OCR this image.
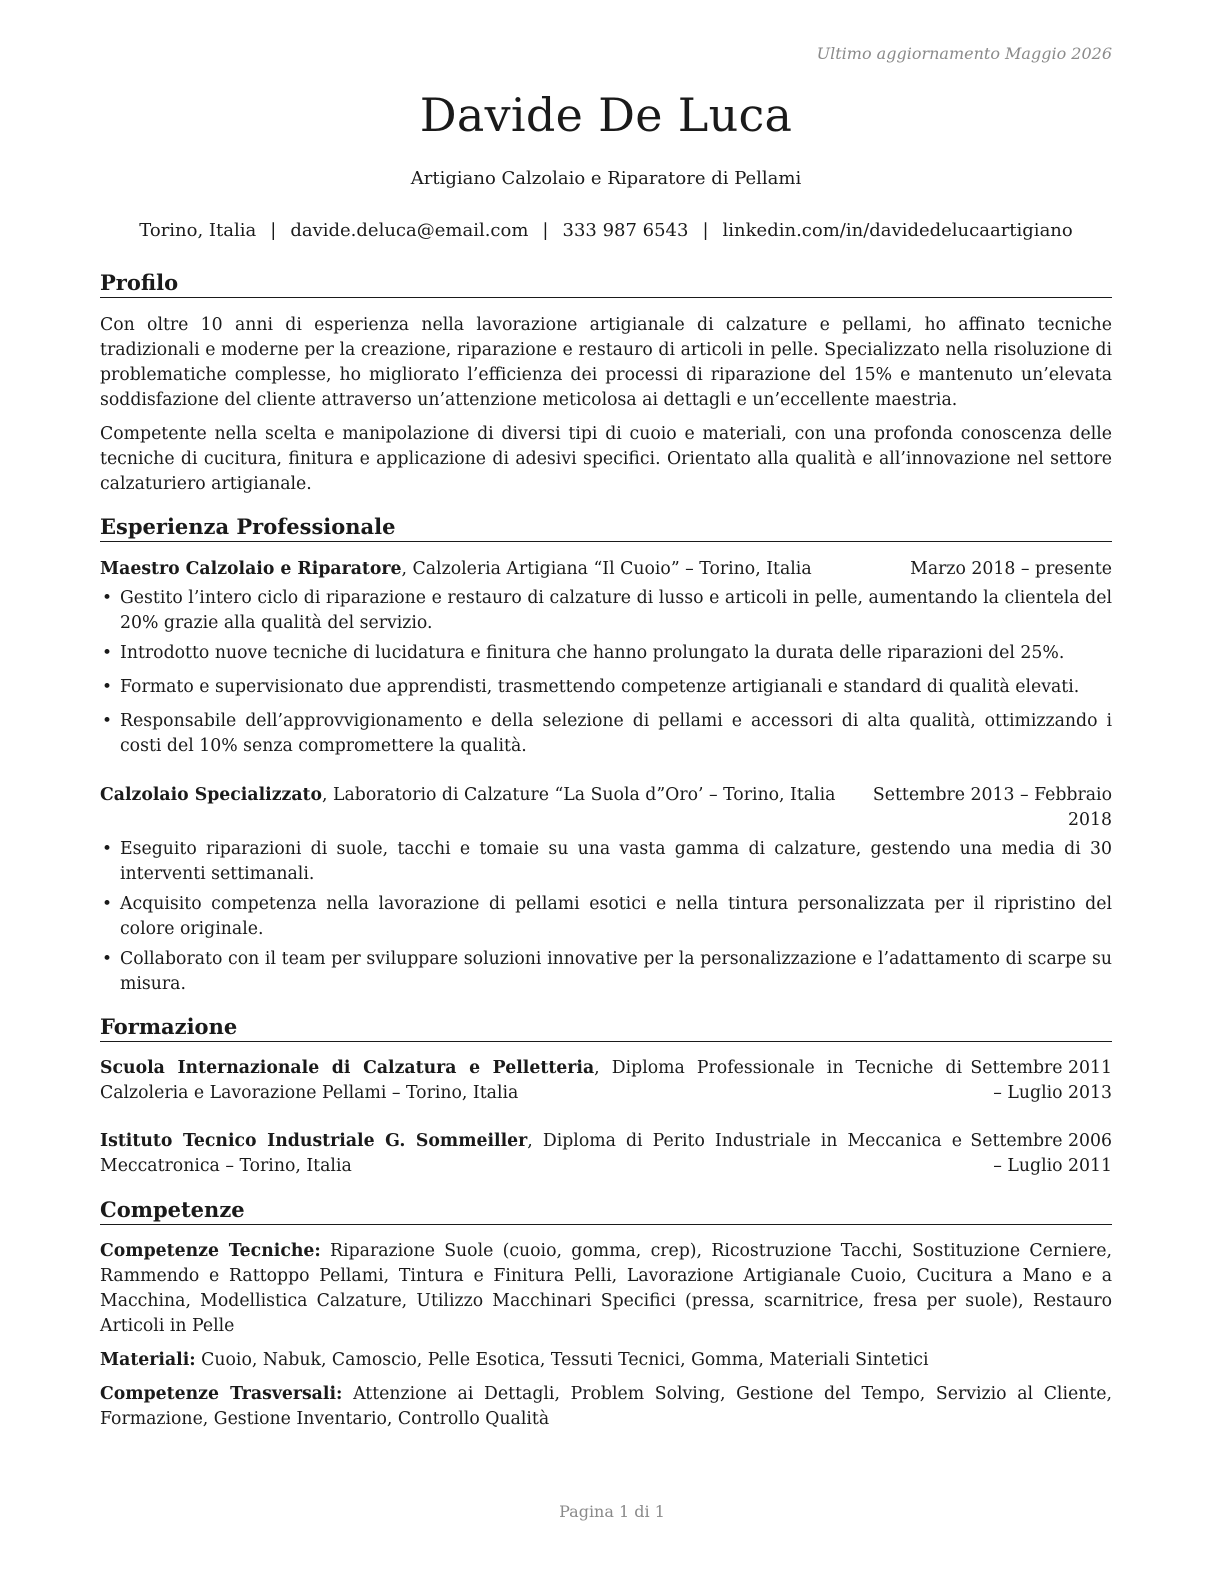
Ultimo aggiornamento Maggio 2026
Davide De Luca
Artigiano Calzolaio e Riparatore di Pellami
Torino, Italia | davide.deluca@email.com | 333 987 6543 | linkedin.com/in/davidedelucaartigiano
Profilo

Con oltre 10 anni di esperienza nella lavorazione artigianale di calzature e pellami, ho affinato tecniche tradizionali e moderne per la creazione, riparazione e restauro di articoli in pelle. Specializzato nella risoluzione di problematiche complesse, ho migliorato l’efficienza dei processi di riparazione del 15% e mantenuto un’elevata soddisfazione del cliente attraverso un’attenzione meticolosa ai dettagli e un’eccellente maestria.

Competente nella scelta e manipolazione di diversi tipi di cuoio e materiali, con una profonda conoscenza delle tecniche di cucitura, finitura e applicazione di adesivi specifici. Orientato alla qualità e all’innovazione nel settore calzaturiero artigianale.

Esperienza Professionale
Maestro Calzolaio e Riparatore, Calzoleria Artigiana “Il Cuoio” – Torino, Italia	Marzo 2018 – presente
• Gestito l’intero ciclo di riparazione e restauro di calzature di lusso e articoli in pelle, aumentando la clientela del 20% grazie alla qualità del servizio.
• Introdotto nuove tecniche di lucidatura e finitura che hanno prolungato la durata delle riparazioni del 25%.
• Formato e supervisionato due apprendisti, trasmettendo competenze artigianali e standard di qualità elevati.
• Responsabile dell’approvvigionamento e della selezione di pellami e accessori di alta qualità, ottimizzando i costi del 10% senza compromettere la qualità.
Calzolaio Specializzato, Laboratorio di Calzature “La Suola d”Oro’ – Torino, Italia	Settembre 2013 – Febbraio 2018
• Eseguito riparazioni di suole, tacchi e tomaie su una vasta gamma di calzature, gestendo una media di 30 interventi settimanali.
• Acquisito competenza nella lavorazione di pellami esotici e nella tintura personalizzata per il ripristino del colore originale.
• Collaborato con il team per sviluppare soluzioni innovative per la personalizzazione e l’adattamento di scarpe su misura.
Formazione
Scuola Internazionale di Calzatura e Pelletteria, Diploma Professionale in Tecniche di Calzoleria e Lavorazione Pellami – Torino, Italia
Settembre 2011 – Luglio 2013
Istituto Tecnico Industriale G. Sommeiller, Diploma di Perito Industriale in Meccanica e Meccatronica – Torino, Italia
Settembre 2006 – Luglio 2011
Competenze

Competenze Tecniche: Riparazione Suole (cuoio, gomma, crep), Ricostruzione Tacchi, Sostituzione Cerniere, Rammendo e Rattoppo Pellami, Tintura e Finitura Pelli, Lavorazione Artigianale Cuoio, Cucitura a Mano e a Macchina, Modellistica Calzature, Utilizzo Macchinari Specifici (pressa, scarnitrice, fresa per suole), Restauro Articoli in Pelle

Materiali: Cuoio, Nabuk, Camoscio, Pelle Esotica, Tessuti Tecnici, Gomma, Materiali Sintetici

Competenze Trasversali: Attenzione ai Dettagli, Problem Solving, Gestione del Tempo, Servizio al Cliente, Formazione, Gestione Inventario, Controllo Qualità

Pagina 1 di 1
